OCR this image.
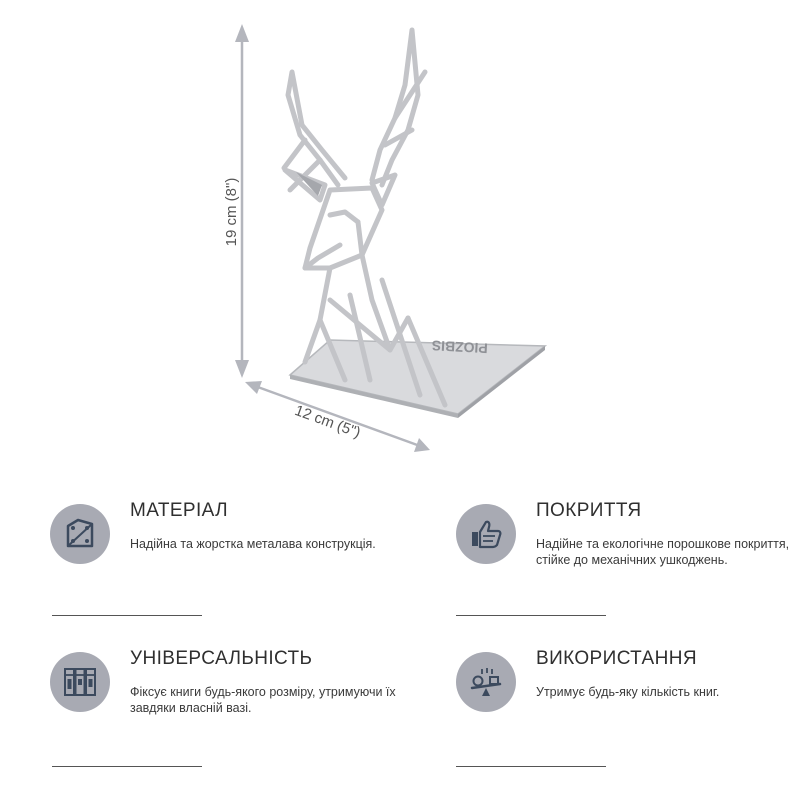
19 cm (8")
12 cm (5")
PIOZBIS
МАТЕРІАЛ
Надійна та жорстка металава конструкція.
ПОКРИТТЯ
Надійне та екологічне порошкове покриття, стійке до механічних ушкоджень.
УНІВЕРСАЛЬНІСТЬ
Фіксує книги будь-якого розміру, утримуючи їх завдяки власній вазі.
ВИКОРИСТАННЯ
Утримує будь-яку кількість книг.
